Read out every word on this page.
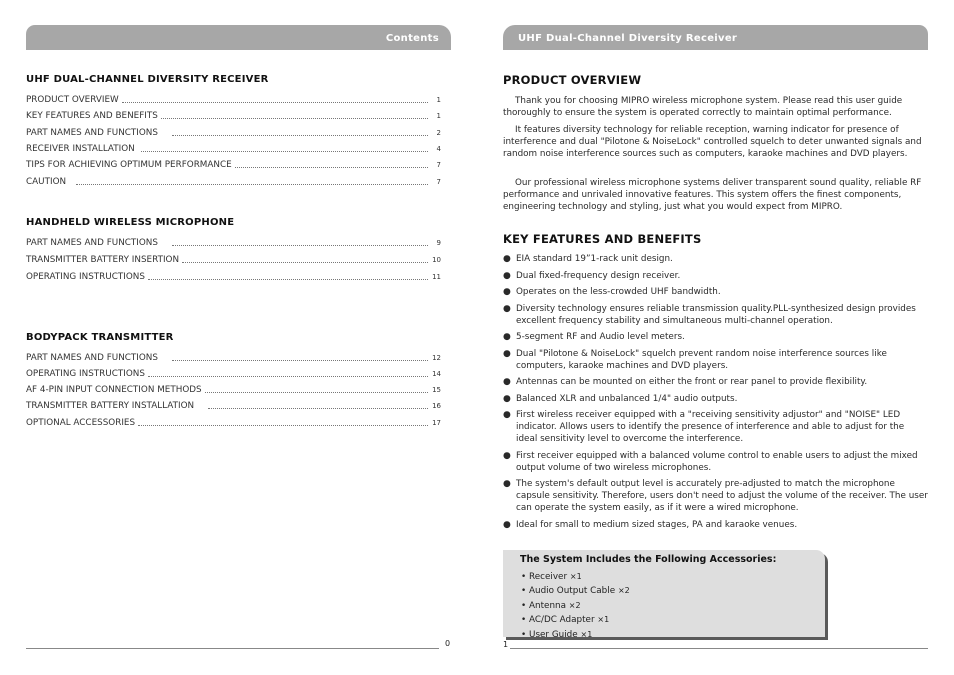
Contents
UHF DUAL-CHANNEL DIVERSITY RECEIVER
PRODUCT OVERVIEW	1
KEY FEATURES AND BENEFITS	1
PART NAMES AND FUNCTIONS	2
RECEIVER INSTALLATION	4
TIPS FOR ACHIEVING OPTIMUM PERFORMANCE	7
CAUTION	7
HANDHELD WIRELESS MICROPHONE
PART NAMES AND FUNCTIONS	9
TRANSMITTER BATTERY INSERTION	10
OPERATING INSTRUCTIONS	11
BODYPACK TRANSMITTER
PART NAMES AND FUNCTIONS	12
OPERATING INSTRUCTIONS	14
AF 4-PIN INPUT CONNECTION METHODS	15
TRANSMITTER BATTERY INSTALLATION	16
OPTIONAL ACCESSORIES	17
0
UHF Dual-Channel Diversity Receiver
PRODUCT OVERVIEW

Thank you for choosing MIPRO wireless microphone system. Please read this user guide thoroughly to ensure the system is operated correctly to maintain optimal performance.

It features diversity technology for reliable reception, warning indicator for presence of interference and dual "Pilotone & NoiseLock" controlled squelch to deter unwanted signals and random noise interference sources such as computers, karaoke machines and DVD players.

Our professional wireless microphone systems deliver transparent sound quality, reliable RF performance and unrivaled innovative features. This system offers the finest components, engineering technology and styling, just what you would expect from MIPRO.

KEY FEATURES AND BENEFITS
● EIA standard 19”1-rack unit design.
● Dual fixed-frequency design receiver.
● Operates on the less-crowded UHF bandwidth.
● Diversity technology ensures reliable transmission quality.PLL-synthesized design provides excellent frequency stability and simultaneous multi-channel operation.
● 5-segment RF and Audio level meters.
● Dual "Pilotone & NoiseLock" squelch prevent random noise interference sources like computers, karaoke machines and DVD players.
● Antennas can be mounted on either the front or rear panel to provide flexibility.
● Balanced XLR and unbalanced 1/4" audio outputs.
● First wireless receiver equipped with a "receiving sensitivity adjustor" and "NOISE" LED indicator. Allows users to identify the presence of interference and able to adjust for the ideal sensitivity level to overcome the interference.
● First receiver equipped with a balanced volume control to enable users to adjust the mixed output volume of two wireless microphones.
● The system's default output level is accurately pre-adjusted to match the microphone capsule sensitivity. Therefore, users don't need to adjust the volume of the receiver. The user can operate the system easily, as if it were a wired microphone.
● Ideal for small to medium sized stages, PA and karaoke venues.
The System Includes the Following Accessories:
• Receiver ×1
• Audio Output Cable ×2
• Antenna ×2
• AC/DC Adapter ×1
• User Guide ×1
1
